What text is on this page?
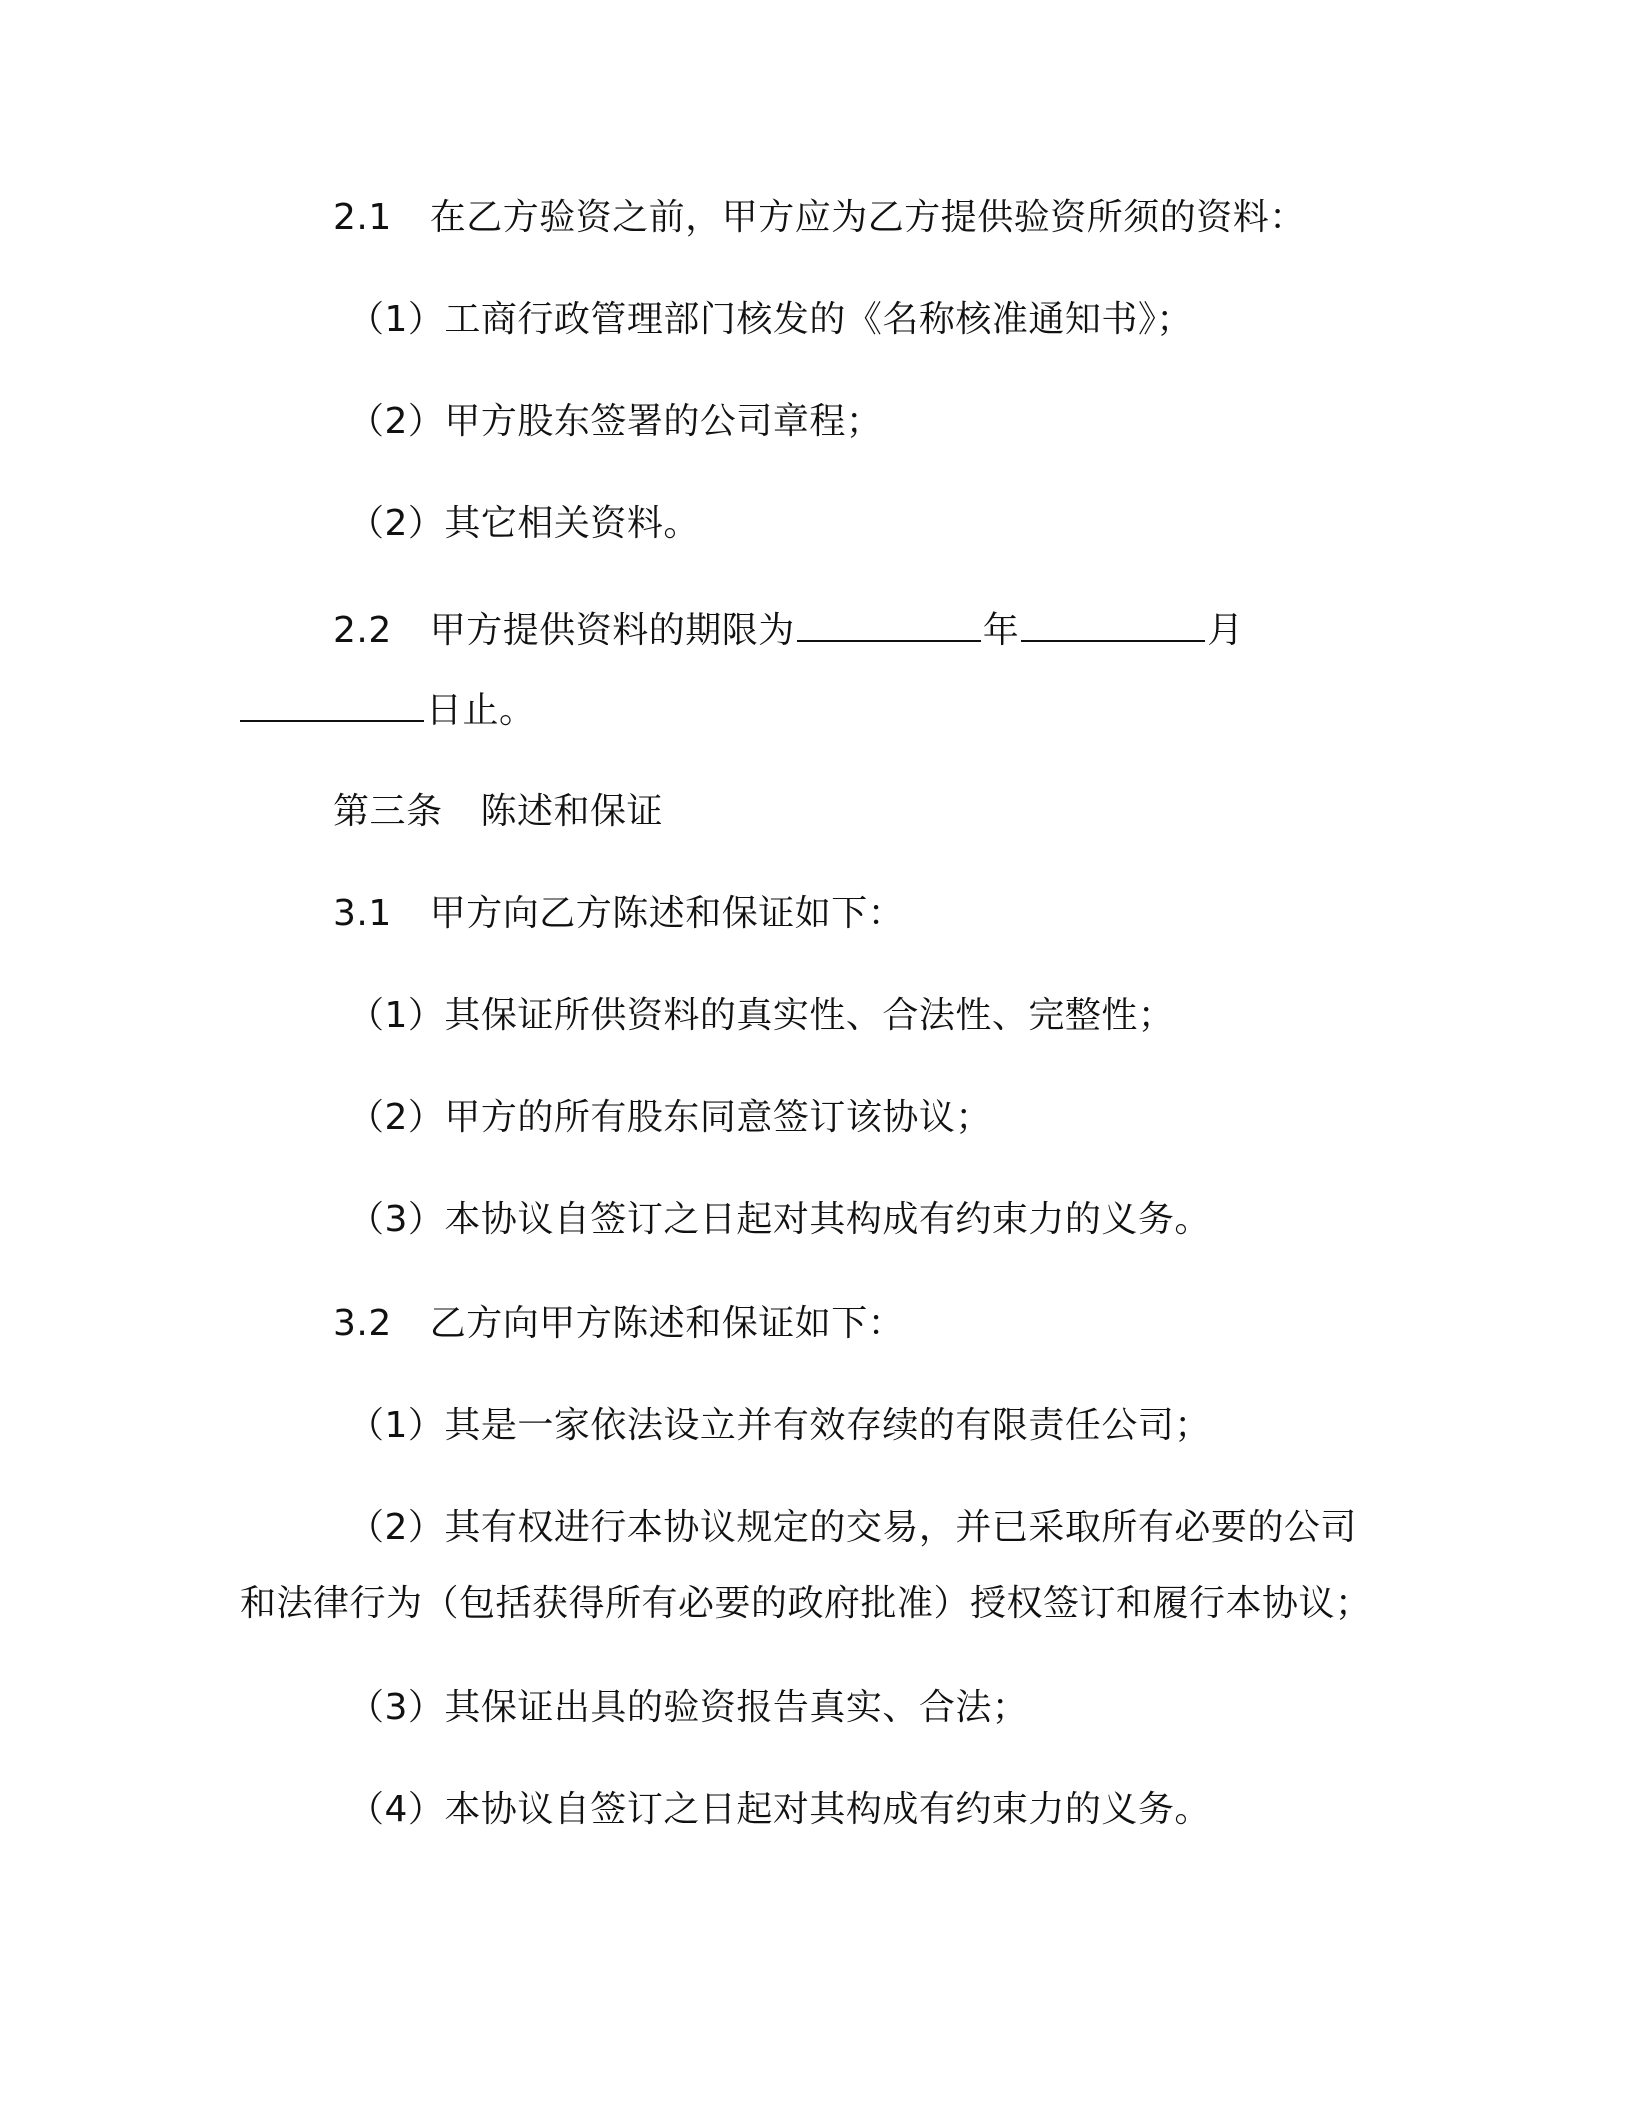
2.1 在乙方验资之前，甲方应为乙方提供验资所须的资料：
（1）工商行政管理部门核发的《名称核准通知书》；
（2）甲方股东签署的公司章程；
（2）其它相关资料。
2.2 甲方提供资料的期限为	年	月
日止。
第三条 陈述和保证
3.1 甲方向乙方陈述和保证如下：
（1）其保证所供资料的真实性、合法性、完整性；
（2）甲方的所有股东同意签订该协议；
（3）本协议自签订之日起对其构成有约束力的义务。
3.2 乙方向甲方陈述和保证如下：
（1）其是一家依法设立并有效存续的有限责任公司；
（2）其有权进行本协议规定的交易，并已采取所有必要的公司
和法律行为（包括获得所有必要的政府批准）授权签订和履行本协议；
（3）其保证出具的验资报告真实、合法；
（4）本协议自签订之日起对其构成有约束力的义务。
